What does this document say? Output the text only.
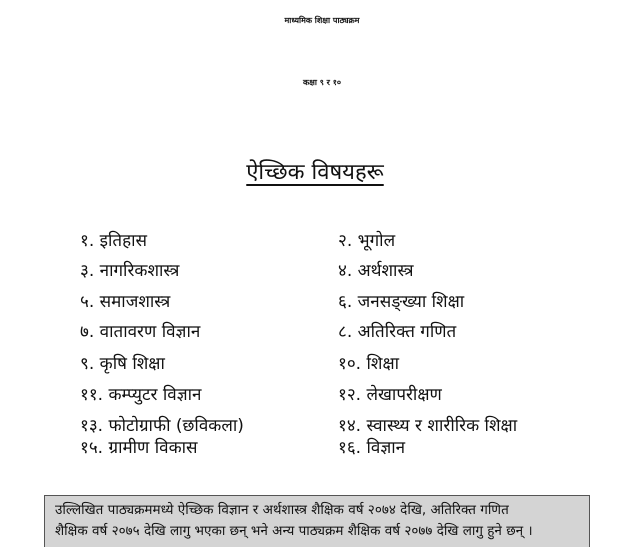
माध्यमिक शिक्षा पाठ्यक्रम
कक्षा ९ र १०
ऐच्छिक विषयहरू
१. इतिहास	२. भूगोल
३. नागरिकशास्त्र	४. अर्थशास्त्र
५. समाजशास्त्र	६. जनसङ्ख्या शिक्षा
७. वातावरण विज्ञान	८. अतिरिक्त गणित
९. कृषि शिक्षा	१०. शिक्षा
११. कम्प्युटर विज्ञान	१२. लेखापरीक्षण
१३. फोटोग्राफी (छविकला)	१४. स्वास्थ्य र शारीरिक शिक्षा
१५. ग्रामीण विकास	१६. विज्ञान
उल्लिखित पाठ्यक्रममध्ये ऐच्छिक विज्ञान र अर्थशास्त्र शैक्षिक वर्ष २०७४ देखि, अतिरिक्त गणित
शैक्षिक वर्ष २०७५ देखि लागु भएका छन् भने अन्य पाठ्यक्रम शैक्षिक वर्ष २०७७ देखि लागु हुने छन् ।
